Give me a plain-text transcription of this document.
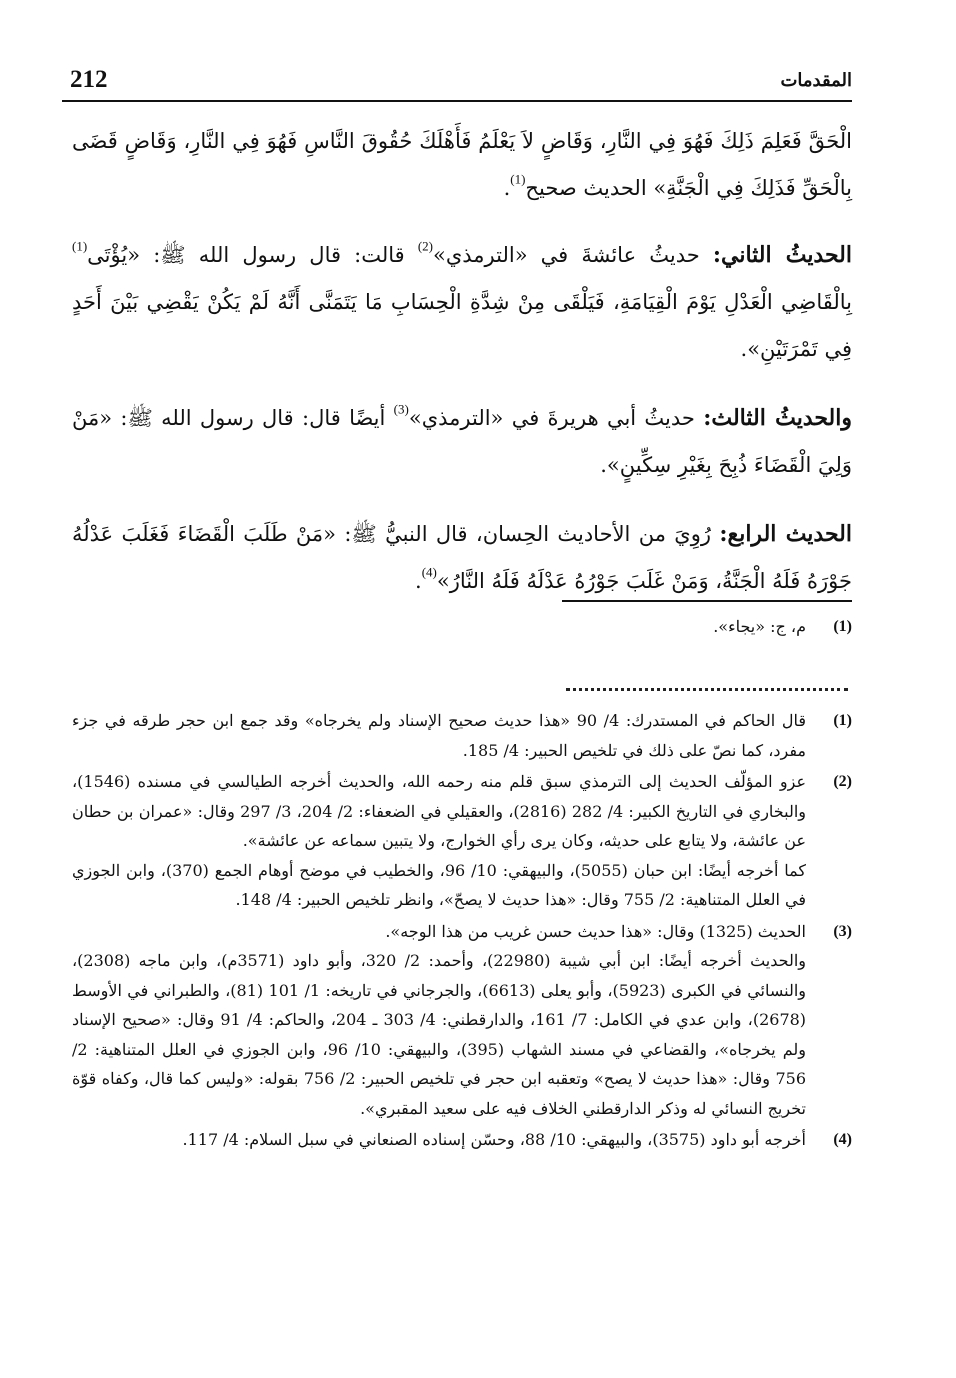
212	المقدمات

الْحَقَّ فَعَلِمَ ذَلِكَ فَهُوَ فِي النَّارِ، وَقَاضٍ لاَ يَعْلَمُ فَأَهْلَكَ حُقُوقَ النَّاسِ فَهُوَ فِي النَّارِ، وَقَاضٍ قَضَى بِالْحَقِّ فَذَلِكَ فِي الْجَنَّةِ» الحديث صحيح$^{(1)}$.

الحديثُ الثاني: حديثُ عائشةَ في «الترمذي»$^{(2)}$ قالت: قال رسول الله ﷺ: «يُؤْتَى$^{(1)}$ بِالْقَاضِي الْعَدْلِ يَوْمَ الْقِيَامَةِ، فَيَلْقَى مِنْ شِدَّةِ الْحِسَابِ مَا يَتَمَنَّى أَنَّهُ لَمْ يَكُنْ يَقْضِي بَيْنَ أَحَدٍ فِي تَمْرَتَيْنِ».

والحديثُ الثالث: حديثُ أبي هريرةَ في «الترمذي»$^{(3)}$ أيضًا قال: قال رسول الله ﷺ: «مَنْ وَلِيَ الْقَضَاءَ ذُبِحَ بِغَيْرِ سِكِّينٍ».

الحديث الرابع: رُوِيَ من الأحاديث الحِسان، قال النبيُّ ﷺ: «مَنْ طَلَبَ الْقَضَاءَ فَغَلَبَ عَدْلُهُ جَوْرَهُ فَلَهُ الْجَنَّةُ، وَمَنْ غَلَبَ جَوْرُهُ عَدْلَهُ فَلَهُ النَّارُ»$^{(4)}$.

(1)

م، ج: «يجاء».

(1)

قال الحاكم في المستدرك: 4/ 90 «هذا حديث صحيح الإسناد ولم يخرجاه» وقد جمع ابن حجر طرقه في جزء مفرد، كما نصّ على ذلك في تلخيص الحبير: 4/ 185.

(2)

عزو المؤلّف الحديث إلى الترمذي سبق قلم منه رحمه الله، والحديث أخرجه الطيالسي في مسنده (1546)، والبخاري في التاريخ الكبير: 4/ 282 (2816)، والعقيلي في الضعفاء: 2/ 204، 3/ 297 وقال: «عمران بن حطان عن عائشة، ولا يتابع على حديثه، وكان يرى رأي الخوارج، ولا يتبين سماعه عن عائشة».

كما أخرجه أيضًا: ابن حبان (5055)، والبيهقي: 10/ 96، والخطيب في موضح أوهام الجمع (370)، وابن الجوزي في العلل المتناهية: 2/ 755 وقال: «هذا حديث لا يصحّ»، وانظر تلخيص الحبير: 4/ 148.

(3)

الحديث (1325) وقال: «هذا حديث حسن غريب من هذا الوجه».

والحديث أخرجه أيضًا: ابن أبي شيبة (22980)، وأحمد: 2/ 320، وأبو داود (3571م)، وابن ماجه (2308)، والنسائي في الكبرى (5923)، وأبو يعلى (6613)، والجرجاني في تاريخه: 1/ 101 (81)، والطبراني في الأوسط (2678)، وابن عدي في الكامل: 7/ 161، والدارقطني: 4/ 303 ـ 204، والحاكم: 4/ 91 وقال: «صحيح الإسناد ولم يخرجاه»، والقضاعي في مسند الشهاب (395)، والبيهقي: 10/ 96، وابن الجوزي في العلل المتناهية: 2/ 756 وقال: «هذا حديث لا يصح» وتعقبه ابن حجر في تلخيص الحبير: 2/ 756 بقوله: «وليس كما قال، وكفاه قوّة تخريج النسائي له وذكر الدارقطني الخلاف فيه على سعيد المقبري».

(4)

أخرجه أبو داود (3575)، والبيهقي: 10/ 88، وحسّن إسناده الصنعاني في سبل السلام: 4/ 117.
